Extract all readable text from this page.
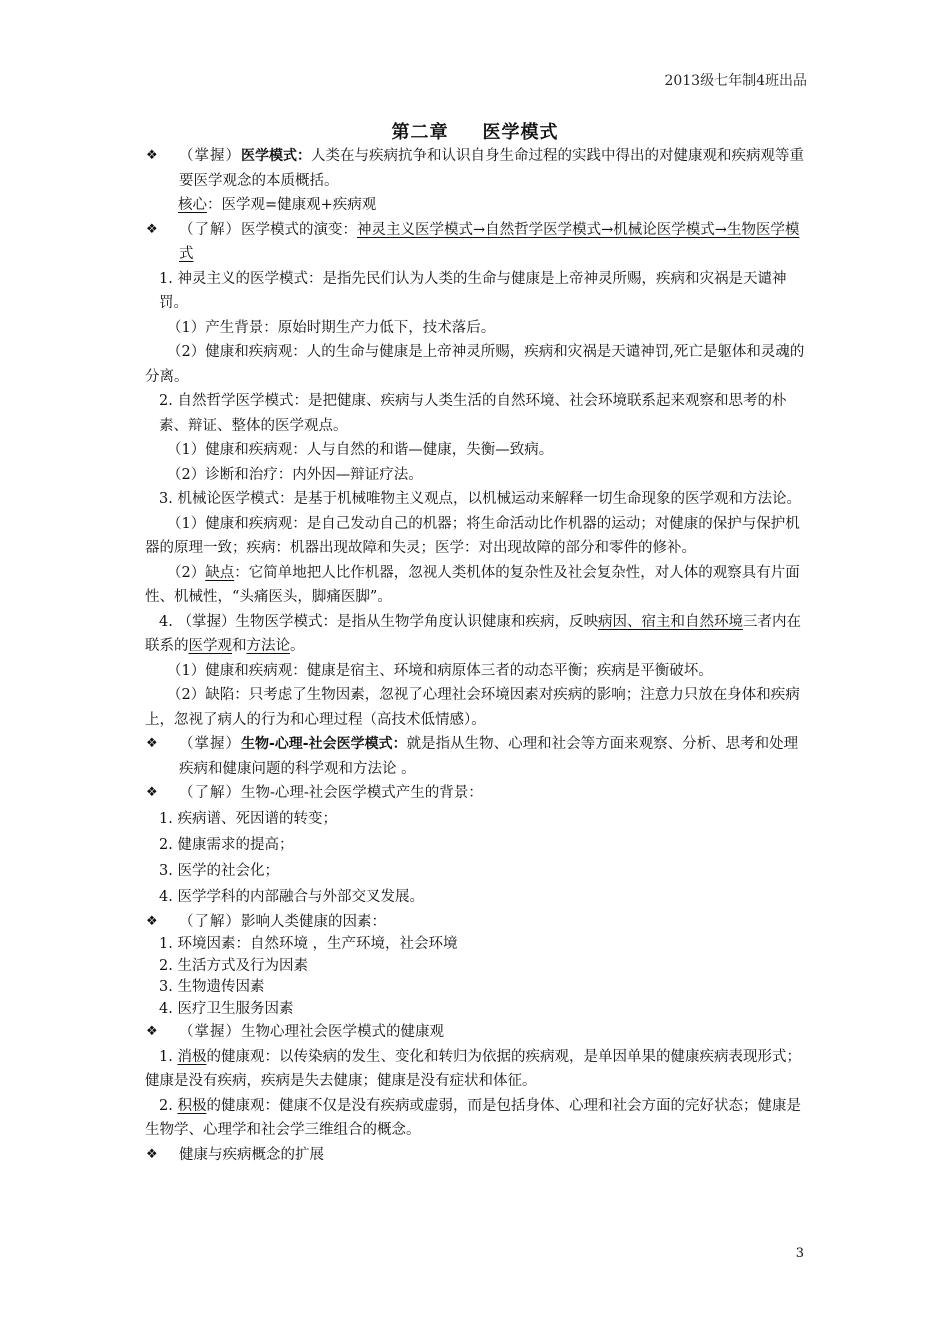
2013级七年制4班出品
第二章 医学模式
❖	（掌握）医学模式：人类在与疾病抗争和认识自身生命过程的实践中得出的对健康观和疾病观等重要医学观念的本质概括。
核心：医学观=健康观+疾病观
❖	（了解）医学模式的演变：神灵主义医学模式→自然哲学医学模式→机械论医学模式→生物医学模式
1. 神灵主义的医学模式：是指先民们认为人类的生命与健康是上帝神灵所赐，疾病和灾祸是天谴神罚。
（1）产生背景：原始时期生产力低下，技术落后。
（2）健康和疾病观：人的生命与健康是上帝神灵所赐，疾病和灾祸是天谴神罚,死亡是躯体和灵魂的分离。
2. 自然哲学医学模式：是把健康、疾病与人类生活的自然环境、社会环境联系起来观察和思考的朴素、辩证、整体的医学观点。
（1）健康和疾病观：人与自然的和谐—健康，失衡—致病。
（2）诊断和治疗：内外因—辩证疗法。
3. 机械论医学模式：是基于机械唯物主义观点，以机械运动来解释一切生命现象的医学观和方法论。
（1）健康和疾病观：是自己发动自己的机器；将生命活动比作机器的运动；对健康的保护与保护机器的原理一致；疾病：机器出现故障和失灵；医学：对出现故障的部分和零件的修补。
（2）缺点：它简单地把人比作机器，忽视人类机体的复杂性及社会复杂性，对人体的观察具有片面性、机械性，“头痛医头，脚痛医脚”。
4. （掌握）生物医学模式：是指从生物学角度认识健康和疾病，反映病因、宿主和自然环境三者内在联系的医学观和方法论。
（1）健康和疾病观：健康是宿主、环境和病原体三者的动态平衡；疾病是平衡破坏。
（2）缺陷：只考虑了生物因素，忽视了心理社会环境因素对疾病的影响；注意力只放在身体和疾病上，忽视了病人的行为和心理过程（高技术低情感）。
❖	（掌握）生物-心理-社会医学模式：就是指从生物、心理和社会等方面来观察、分析、思考和处理疾病和健康问题的科学观和方法论 。
❖	（了解）生物-心理-社会医学模式产生的背景：
1. 疾病谱、死因谱的转变；
2. 健康需求的提高；
3. 医学的社会化；
4. 医学学科的内部融合与外部交叉发展。
❖	（了解）影响人类健康的因素：
1. 环境因素：自然环境 ，生产环境，社会环境
2. 生活方式及行为因素
3. 生物遗传因素
4. 医疗卫生服务因素
❖	（掌握）生物心理社会医学模式的健康观
1. 消极的健康观：以传染病的发生、变化和转归为依据的疾病观，是单因单果的健康疾病表现形式；健康是没有疾病，疾病是失去健康；健康是没有症状和体征。
2. 积极的健康观：健康不仅是没有疾病或虚弱，而是包括身体、心理和社会方面的完好状态；健康是生物学、心理学和社会学三维组合的概念。
❖	健康与疾病概念的扩展
3
